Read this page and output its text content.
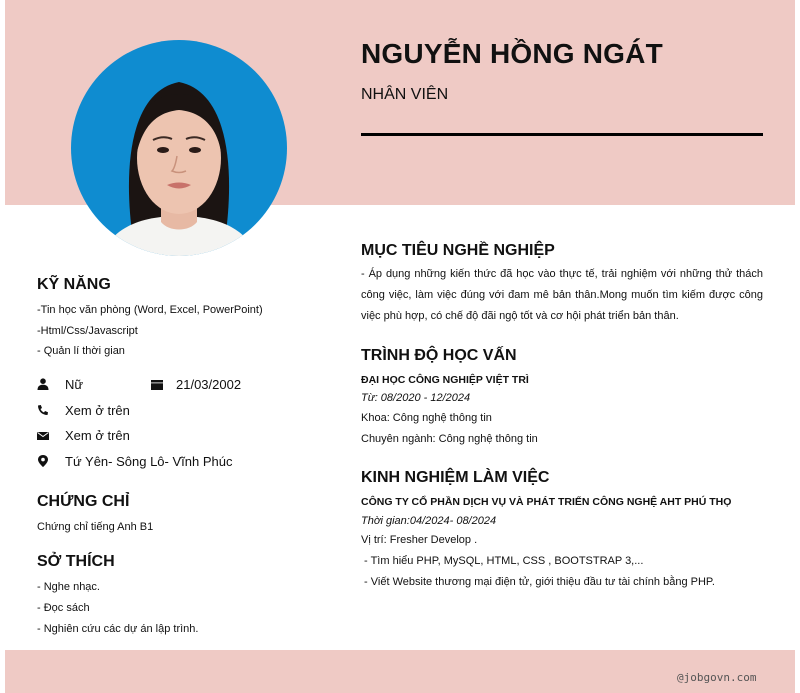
NGUYỄN HỒNG NGÁT

NHÂN VIÊN

KỸ NĂNG

-Tin học văn phòng (Word, Excel, PowerPoint)

-Html/Css/Javascript

- Quản lí thời gian

Nữ	21/03/2002

Xem ở trên

Xem ở trên

Tứ Yên- Sông Lô- Vĩnh Phúc

CHỨNG CHỈ

Chứng chỉ tiếng Anh B1

SỞ THÍCH

- Nghe nhạc.

- Đọc sách

- Nghiên cứu các dự án lập trình.

MỤC TIÊU NGHỀ NGHIỆP

- Áp dụng những kiến thức đã học vào thực tế, trải nghiệm với những thử thách công việc, làm việc đúng với đam mê bản thân.Mong muốn tìm kiếm được công việc phù hợp, có chế độ đãi ngộ tốt và cơ hội phát triển bản thân.

TRÌNH ĐỘ HỌC VẤN

ĐẠI HỌC CÔNG NGHIỆP VIỆT TRÌ

Từ: 08/2020 - 12/2024

Khoa: Công nghệ thông tin

Chuyên ngành: Công nghệ thông tin

KINH NGHIỆM LÀM VIỆC

CÔNG TY CỔ PHẦN DỊCH VỤ VÀ PHÁT TRIỂN CÔNG NGHỆ AHT PHÚ THỌ

Thời gian:04/2024- 08/2024

Vị trí: Fresher Develop .

- Tìm hiểu PHP, MySQL, HTML, CSS , BOOTSTRAP 3,...

- Viết Website thương mại điện tử, giới thiệu đầu tư tài chính bằng PHP.

@jobgovn.com
